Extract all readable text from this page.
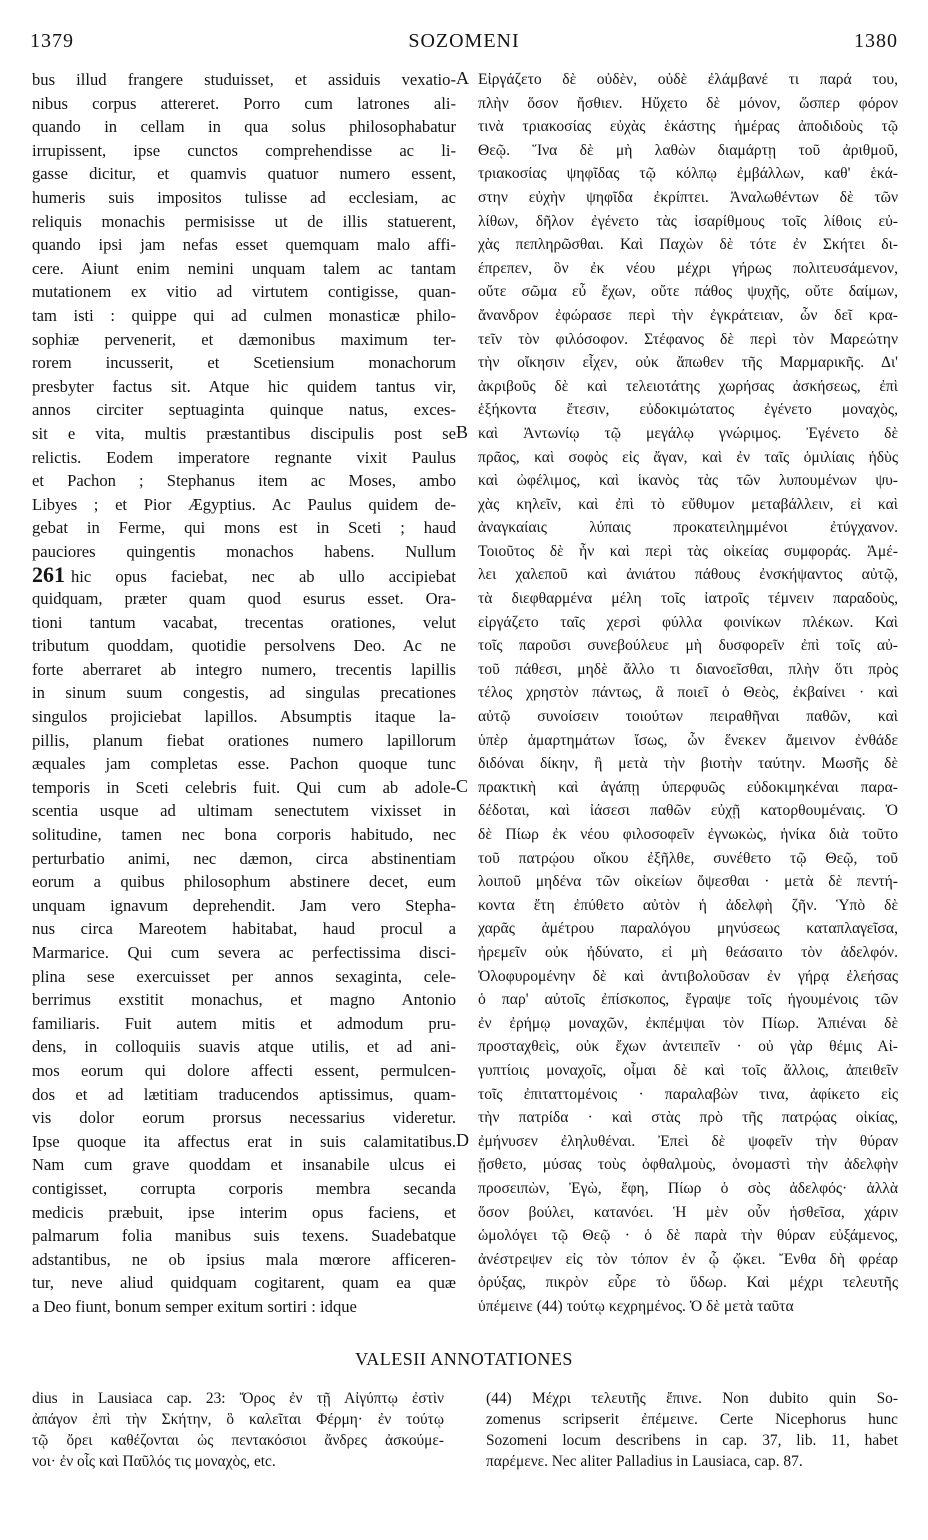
1379	SOZOMENI	1380
bus illud frangere studuisset, et assiduis vexatio-
nibus corpus attereret. Porro cum latrones ali-
quando in cellam in qua solus philosophabatur
irrupissent, ipse cunctos comprehendisse ac li-
gasse dicitur, et quamvis quatuor numero essent,
humeris suis impositos tulisse ad ecclesiam, ac
reliquis monachis permisisse ut de illis statuerent,
quando ipsi jam nefas esset quemquam malo affi-
cere. Aiunt enim nemini unquam talem ac tantam
mutationem ex vitio ad virtutem contigisse, quan-
tam isti : quippe qui ad culmen monasticæ philo-
sophiæ pervenerit, et dæmonibus maximum ter-
rorem incusserit, et Scetiensium monachorum
presbyter factus sit. Atque hic quidem tantus vir,
annos circiter septuaginta quinque natus, exces-
sit e vita, multis præstantibus discipulis post se
relictis. Eodem imperatore regnante vixit Paulus
et Pachon ; Stephanus item ac Moses, ambo
Libyes ; et Pior Ægyptius. Ac Paulus quidem de-
gebat in Ferme, qui mons est in Sceti ; haud
pauciores quingentis monachos habens. Nullum
261 hic opus faciebat, nec ab ullo accipiebat
quidquam, præter quam quod esurus esset. Ora-
tioni tantum vacabat, trecentas orationes, velut
tributum quoddam, quotidie persolvens Deo. Ac ne
forte aberraret ab integro numero, trecentis lapillis
in sinum suum congestis, ad singulas precationes
singulos projiciebat lapillos. Absumptis itaque la-
pillis, planum fiebat orationes numero lapillorum
æquales jam completas esse. Pachon quoque tunc
temporis in Sceti celebris fuit. Qui cum ab adole-
scentia usque ad ultimam senectutem vixisset in
solitudine, tamen nec bona corporis habitudo, nec
perturbatio animi, nec dæmon, circa abstinentiam
eorum a quibus philosophum abstinere decet, eum
unquam ignavum deprehendit. Jam vero Stepha-
nus circa Mareotem habitabat, haud procul a
Marmarice. Qui cum severa ac perfectissima disci-
plina sese exercuisset per annos sexaginta, cele-
berrimus exstitit monachus, et magno Antonio
familiaris. Fuit autem mitis et admodum pru-
dens, in colloquiis suavis atque utilis, et ad ani-
mos eorum qui dolore affecti essent, permulcen-
dos et ad lætitiam traducendos aptissimus, quam-
vis dolor eorum prorsus necessarius videretur.
Ipse quoque ita affectus erat in suis calamitatibus.
Nam cum grave quoddam et insanabile ulcus ei
contigisset, corrupta corporis membra secanda
medicis præbuit, ipse interim opus faciens, et
palmarum folia manibus suis texens. Suadebatque
adstantibus, ne ob ipsius mala mœrore afficeren-
tur, neve aliud quidquam cogitarent, quam ea quæ
a Deo fiunt, bonum semper exitum sortiri : idque
Εἰργάζετο δὲ οὐδὲν, οὐδὲ ἐλάμβανέ τι παρά του,
πλὴν ὅσον ἤσθιεν. Ηὔχετο δὲ μόνον, ὥσπερ φόρον
τινὰ τριακοσίας εὐχὰς ἑκάστης ἡμέρας ἀποδιδοὺς τῷ
Θεῷ. Ἵνα δὲ μὴ λαθὼν διαμάρτῃ τοῦ ἀριθμοῦ,
τριακοσίας ψηφῖδας τῷ κόλπῳ ἐμβάλλων, καθ' ἑκά-
στην εὐχὴν ψηφῖδα ἐκρίπτει. Ἀναλωθέντων δὲ τῶν
λίθων, δῆλον ἐγένετο τὰς ἰσαρίθμους τοῖς λίθοις εὐ-
χὰς πεπληρῶσθαι. Καὶ Παχὼν δὲ τότε ἐν Σκήτει δι-
έπρεπεν, ὃν ἐκ νέου μέχρι γήρως πολιτευσάμενον,
οὔτε σῶμα εὖ ἔχων, οὔτε πάθος ψυχῆς, οὔτε δαίμων,
ἄνανδρον ἐφώρασε περὶ τὴν ἐγκράτειαν, ὧν δεῖ κρα-
τεῖν τὸν φιλόσοφον. Στέφανος δὲ περὶ τὸν Μαρεώτην
τὴν οἴκησιν εἶχεν, οὐκ ἄπωθεν τῆς Μαρμαρικῆς. Δι'
ἀκριβοῦς δὲ καὶ τελειοτάτης χωρήσας ἀσκήσεως, ἐπὶ
ἑξήκοντα ἔτεσιν, εὐδοκιμώτατος ἐγένετο μοναχὸς,
καὶ Ἀντωνίῳ τῷ μεγάλῳ γνώριμος. Ἐγένετο δὲ
πρᾶος, καὶ σοφὸς εἰς ἄγαν, καὶ ἐν ταῖς ὁμιλίαις ἡδὺς
καὶ ὠφέλιμος, καὶ ἱκανὸς τὰς τῶν λυπουμένων ψυ-
χὰς κηλεῖν, καὶ ἐπὶ τὸ εὔθυμον μεταβάλλειν, εἰ καὶ
ἀναγκαίαις λύπαις προκατειλημμένοι ἐτύγχανον.
Τοιοῦτος δὲ ἦν καὶ περὶ τὰς οἰκείας συμφοράς. Ἀμέ-
λει χαλεποῦ καὶ ἀνιάτου πάθους ἐνσκήψαντος αὐτῷ,
τὰ διεφθαρμένα μέλη τοῖς ἰατροῖς τέμνειν παραδοὺς,
εἰργάζετο ταῖς χερσὶ φύλλα φοινίκων πλέκων. Καὶ
τοῖς παροῦσι συνεβούλευε μὴ δυσφορεῖν ἐπὶ τοῖς αὐ-
τοῦ πάθεσι, μηδὲ ἄλλο τι διανοεῖσθαι, πλὴν ὅτι πρὸς
τέλος χρηστὸν πάντως, ἃ ποιεῖ ὁ Θεὸς, ἐκβαίνει · καὶ
αὐτῷ συνοίσειν τοιούτων πειραθῆναι παθῶν, καὶ
ὑπὲρ ἁμαρτημάτων ἴσως, ὧν ἕνεκεν ἄμεινον ἐνθάδε
διδόναι δίκην, ἢ μετὰ τὴν βιοτὴν ταύτην. Μωσῆς δὲ
πρακτικὴ καὶ ἀγάπῃ ὑπερφυῶς εὐδοκιμηκέναι παρα-
δέδοται, καὶ ἰάσεσι παθῶν εὐχῇ κατορθουμέναις. Ὁ
δὲ Πίωρ ἐκ νέου φιλοσοφεῖν ἐγνωκὼς, ἡνίκα διὰ τοῦτο
τοῦ πατρῴου οἴκου ἐξῆλθε, συνέθετο τῷ Θεῷ, τοῦ
λοιποῦ μηδένα τῶν οἰκείων ὄψεσθαι · μετὰ δὲ πεντή-
κοντα ἔτη ἐπύθετο αὐτὸν ἡ ἀδελφὴ ζῆν. Ὑπὸ δὲ
χαρᾶς ἀμέτρου παραλόγου μηνύσεως καταπλαγεῖσα,
ἠρεμεῖν οὐκ ἠδύνατο, εἰ μὴ θεάσαιτο τὸν ἀδελφόν.
Ὀλοφυρομένην δὲ καὶ ἀντιβολοῦσαν ἐν γήρᾳ ἐλεήσας
ὁ παρ' αὐτοῖς ἐπίσκοπος, ἔγραψε τοῖς ἡγουμένοις τῶν
ἐν ἐρήμῳ μοναχῶν, ἐκπέμψαι τὸν Πίωρ. Ἀπιέναι δὲ
προσταχθεὶς, οὐκ ἔχων ἀντειπεῖν · οὐ γὰρ θέμις Αἰ-
γυπτίοις μοναχοῖς, οἶμαι δὲ καὶ τοῖς ἄλλοις, ἀπειθεῖν
τοῖς ἐπιταττομένοις · παραλαβὼν τινα, ἀφίκετο εἰς
τὴν πατρίδα · καὶ στὰς πρὸ τῆς πατρῴας οἰκίας,
ἐμήνυσεν ἐληλυθέναι. Ἐπεὶ δὲ ψοφεῖν τὴν θύραν
ᾔσθετο, μύσας τοὺς ὀφθαλμοὺς, ὀνομαστὶ τὴν ἀδελφὴν
προσειπὼν, Ἐγὼ, ἔφη, Πίωρ ὁ σὸς ἀδελφός· ἀλλὰ
ὅσον βούλει, κατανόει. Ἡ μὲν οὖν ἡσθεῖσα, χάριν
ὡμολόγει τῷ Θεῷ · ὁ δὲ παρὰ τὴν θύραν εὐξάμενος,
ἀνέστρεψεν εἰς τὸν τόπον ἐν ᾧ ᾤκει. Ἔνθα δὴ φρέαρ
ὀρύξας, πικρὸν εὗρε τὸ ὕδωρ. Καὶ μέχρι τελευτῆς
ὑπέμεινε (44) τούτῳ κεχρημένος. Ὁ δὲ μετὰ ταῦτα
A
B
C
D
VALESII ANNOTATIONES
dius in Lausiaca cap. 23: Ὄρος ἐν τῇ Αἰγύπτῳ ἐστὶν
ἀπάγον ἐπὶ τὴν Σκήτην, ὃ καλεῖται Φέρμη· ἐν τούτῳ
τῷ ὄρει καθέζονται ὡς πεντακόσιοι ἄνδρες ἀσκούμε-
νοι· ἐν οἷς καὶ Παῦλός τις μοναχὸς, etc.
(44) Μέχρι τελευτῆς ἔπινε. Non dubito quin So-
zomenus scripserit ἐπέμεινε. Certe Nicephorus hunc
Sozomeni locum describens in cap. 37, lib. 11, habet
παρέμενε. Nec aliter Palladius in Lausiaca, cap. 87.
